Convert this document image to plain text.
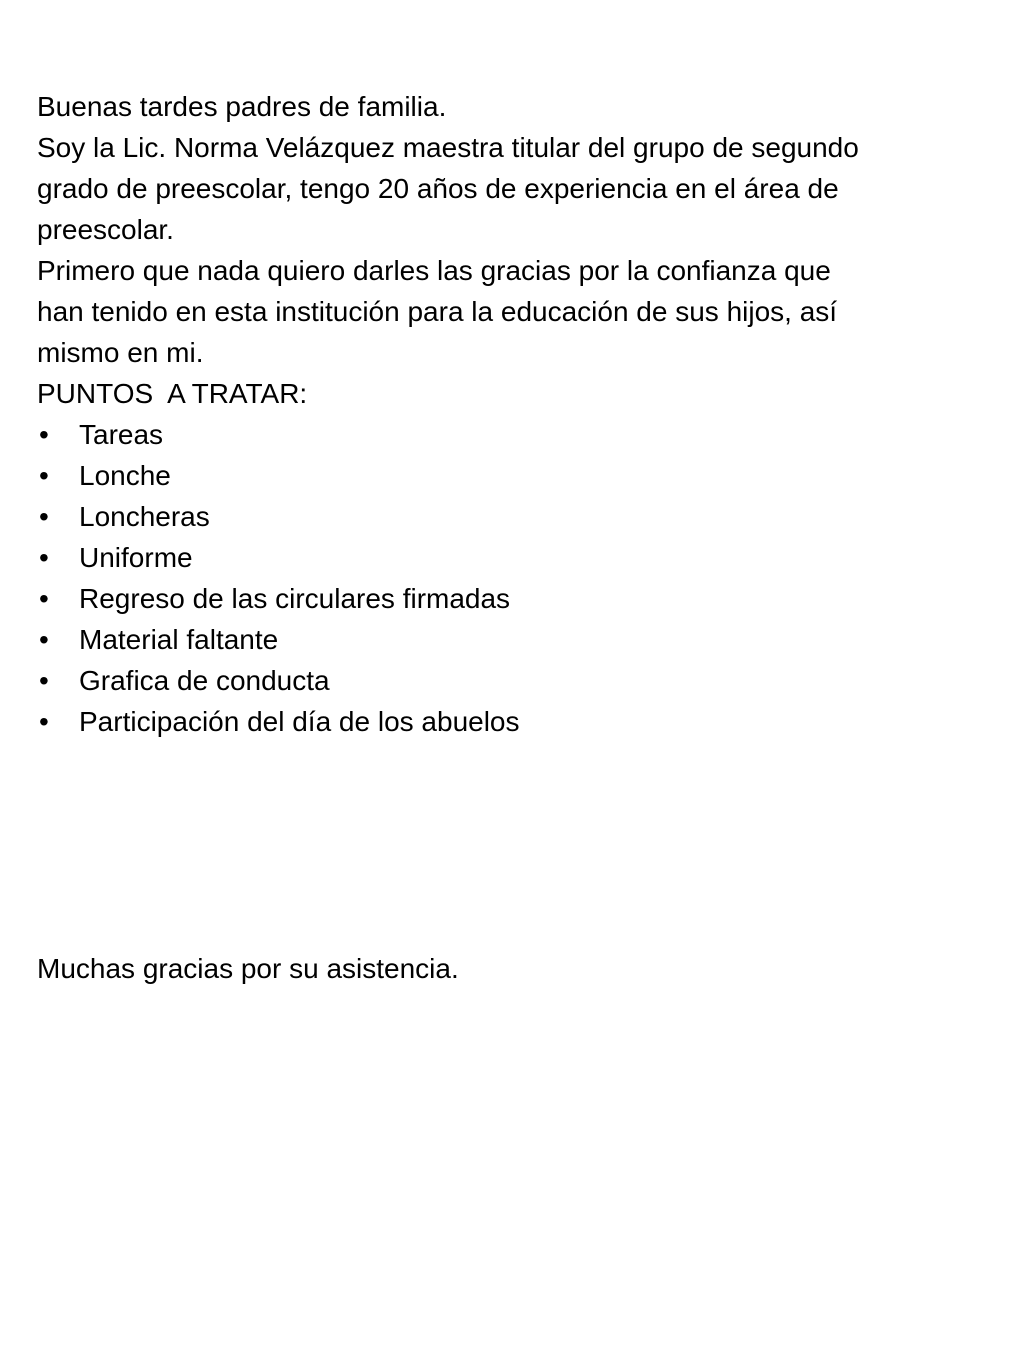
Buenas tardes padres de familia.
Soy la Lic. Norma Velázquez maestra titular del grupo de segundo
grado de preescolar, tengo 20 años de experiencia en el área de
preescolar.
Primero que nada quiero darles las gracias por la confianza que
han tenido en esta institución para la educación de sus hijos, así
mismo en mi.
PUNTOS  A TRATAR:
•	Tareas
•	Lonche
•	Loncheras
•	Uniforme
•	Regreso de las circulares firmadas
•	Material faltante
•	Grafica de conducta
•	Participación del día de los abuelos
Muchas gracias por su asistencia.
